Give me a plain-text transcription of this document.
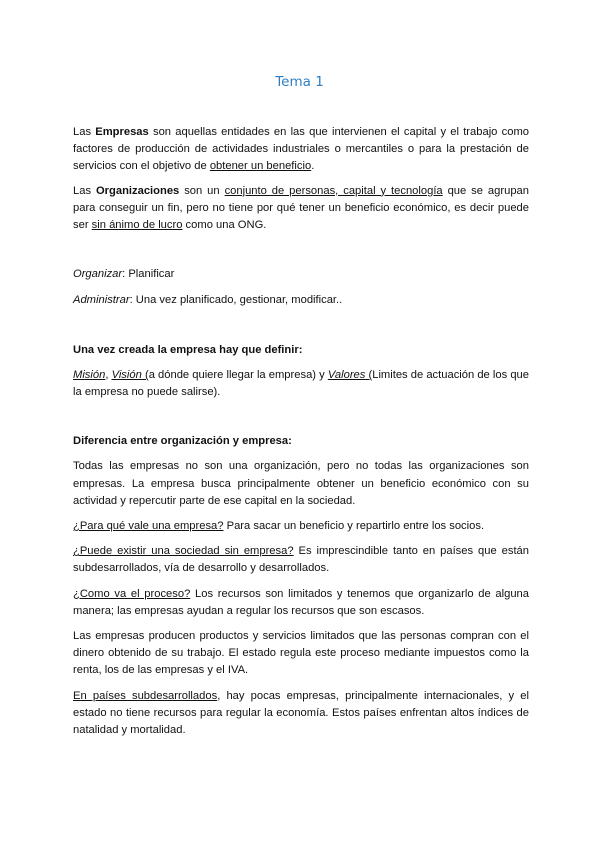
Tema 1

Las Empresas son aquellas entidades en las que intervienen el capital y el trabajo como factores de producción de actividades industriales o mercantiles o para la prestación de servicios con el objetivo de obtener un beneficio.

Las Organizaciones son un conjunto de personas, capital y tecnología que se agrupan para conseguir un fin, pero no tiene por qué tener un beneficio económico, es decir puede ser sin ánimo de lucro como una ONG.

Organizar: Planificar

Administrar: Una vez planificado, gestionar, modificar..

Una vez creada la empresa hay que definir:

Misión, Visión (a dónde quiere llegar la empresa) y Valores (Limites de actuación de los que la empresa no puede salirse).

Diferencia entre organización y empresa:

Todas las empresas no son una organización, pero no todas las organizaciones son empresas. La empresa busca principalmente obtener un beneficio económico con su actividad y repercutir parte de ese capital en la sociedad.

¿Para qué vale una empresa? Para sacar un beneficio y repartirlo entre los socios.

¿Puede existir una sociedad sin empresa? Es imprescindible tanto en países que están subdesarrollados, vía de desarrollo y desarrollados.

¿Como va el proceso? Los recursos son limitados y tenemos que organizarlo de alguna manera; las empresas ayudan a regular los recursos que son escasos.

Las empresas producen productos y servicios limitados que las personas compran con el dinero obtenido de su trabajo. El estado regula este proceso mediante impuestos como la renta, los de las empresas y el IVA.

En países subdesarrollados, hay pocas empresas, principalmente internacionales, y el estado no tiene recursos para regular la economía. Estos países enfrentan altos índices de natalidad y mortalidad.
